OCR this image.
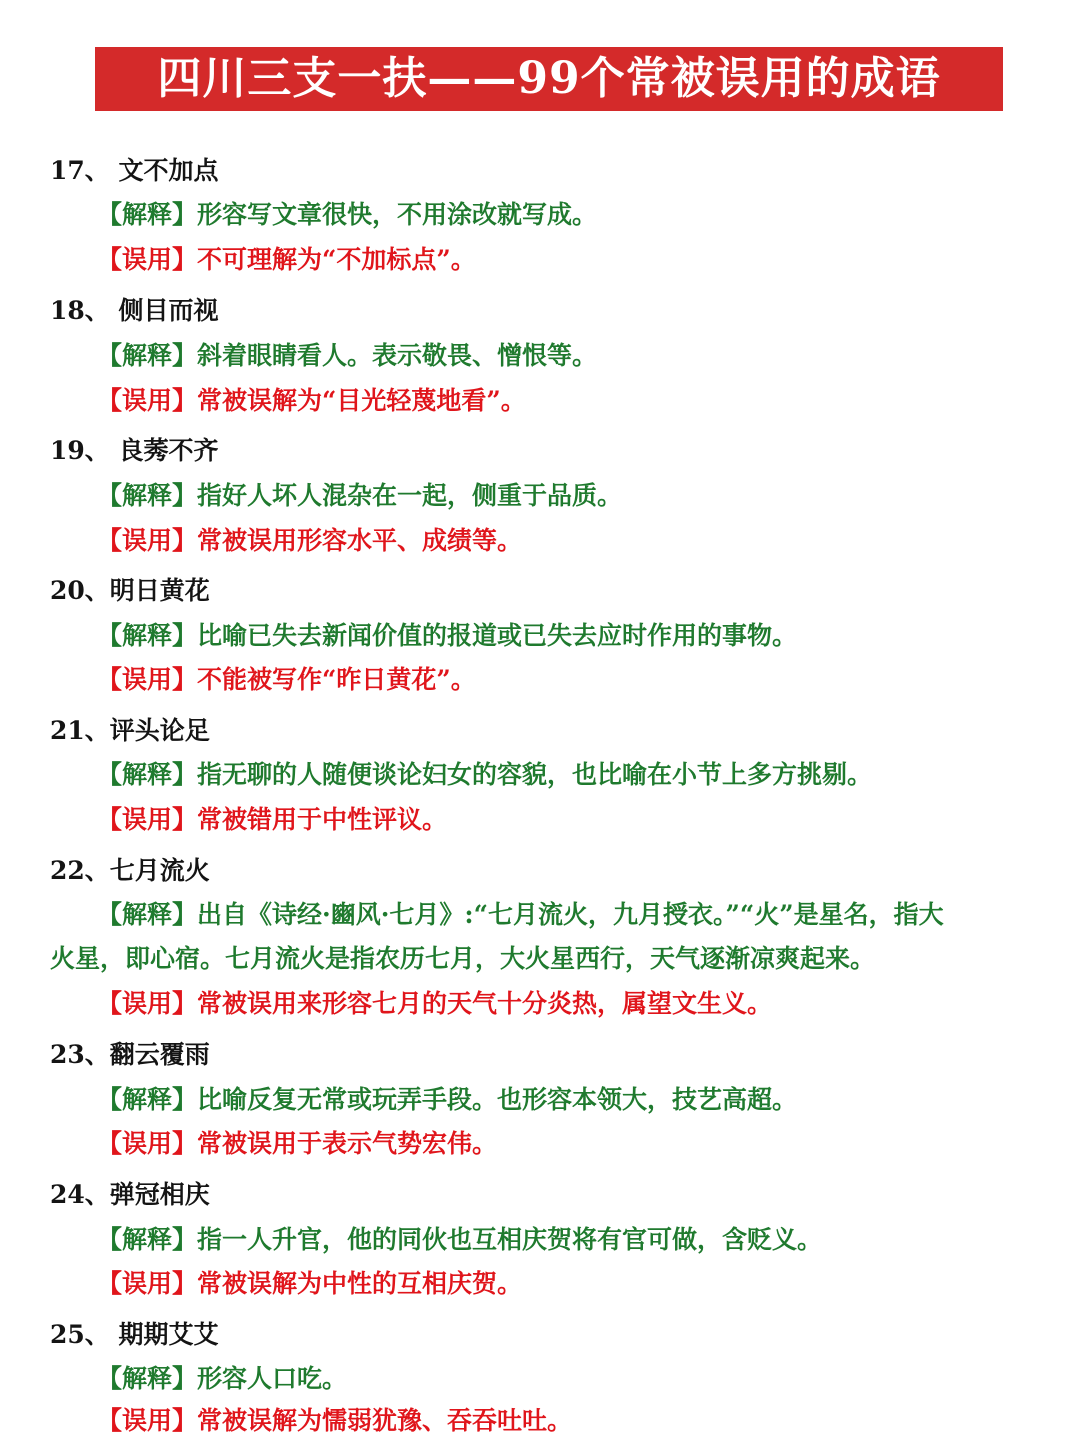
四川三支一扶——99个常被误用的成语
17、 文不加点
【解释】形容写文章很快，不用涂改就写成。
【误用】不可理解为“不加标点”。
18、 侧目而视
【解释】斜着眼睛看人。表示敬畏、憎恨等。
【误用】常被误解为“目光轻蔑地看”。
19、 良莠不齐
【解释】指好人坏人混杂在一起，侧重于品质。
【误用】常被误用形容水平、成绩等。
20、明日黄花
【解释】比喻已失去新闻价值的报道或已失去应时作用的事物。
【误用】不能被写作“昨日黄花”。
21、评头论足
【解释】指无聊的人随便谈论妇女的容貌，也比喻在小节上多方挑剔。
【误用】常被错用于中性评议。
22、七月流火
【解释】出自《诗经·豳风·七月》:“七月流火，九月授衣。”“火”是星名，指大
火星，即心宿。七月流火是指农历七月，大火星西行，天气逐渐凉爽起来。
【误用】常被误用来形容七月的天气十分炎热，属望文生义。
23、翻云覆雨
【解释】比喻反复无常或玩弄手段。也形容本领大，技艺高超。
【误用】常被误用于表示气势宏伟。
24、弹冠相庆
【解释】指一人升官，他的同伙也互相庆贺将有官可做，含贬义。
【误用】常被误解为中性的互相庆贺。
25、 期期艾艾
【解释】形容人口吃。
【误用】常被误解为懦弱犹豫、吞吞吐吐。
